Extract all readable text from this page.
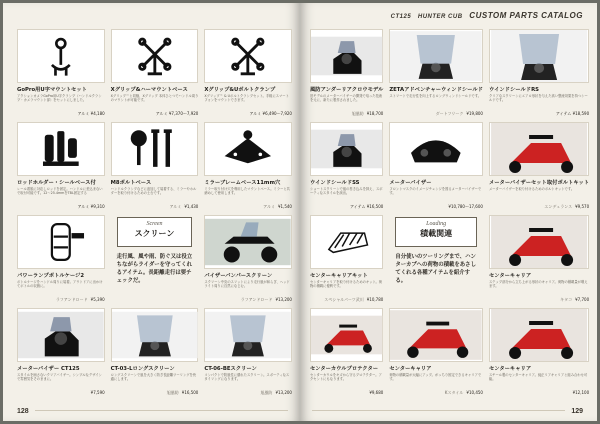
GoPro用U字マウントセット
アクションカメラGoPro用U字クランプ（ハンドルクランプ・カメラマウント部）をセットにしました。
アルミ ¥4,180
Xグリップ&ハーマウントベース
Xグリップ™と同様、Xグリップ 本体ひとつでハンドル周りのマウントが可能です。
アルミ ¥7,370〜7,920
Xグリップ&Uボルトクランプ
Xグリップ™ & Uボルトクランプセット。手軽にスマートフォンをマウントできます。
アルミ ¥6,490〜7,920
ロッドホルダー・シールベース付
レール着脱に対応しロッドを固定。ハンドルに差込まないで取付可能です。12〜25.4mmをTBL固定する
アルミ ¥9,310
M8ボルトベース
ハンドルクランプなどに追加して装着する、ミラーやホルダーを取り付けるための土台です。
アルミ ¥1,430
ミラーブレームベース11mm穴
ミラー取り付け穴を利用したマウントベース。ミラーと共締めして使用します。
アルミ ¥1,540
パワーランプボトルケージ2
ボトルケージをハンドル周りに装着。アウトドアに出かけてボトルの収納に。
ラフアンドロード ¥5,390
Screen
スクリーン
走行風、風や雨、防ぐ又は役立ちながらライダーを守ってくれるアイテム。長距離走行は要チェックだ。
バイザーバンパースクリーン
スクリーン中央のスリットにより走行風が和らぎ、ヘッドライト周りに自然になじむ。
ラフアンドロード ¥13,200
メーターバイザー CT125
スタイルを崩さないクリアバイザー。シンプルなデザインで雰囲気をそのままに。
¥7,590
CT-03-Lロングスクリーン
ロングスクリーンで風を大きく防ぎ長距離ツーリングを快適にします。
旭風防 ¥16,500
CT-06-BEスクリーン
コンパクトで防風性に優れたスクリーン。スポーティなスタイリングになります。
旭風防 ¥13,200
128
CT125 HUNTER CUB CUSTOM PARTS CATALOG
風防アンダーリアクロウモデル
旧モデルのメーターバイザーの開発で培った技術を元に、新たに製作されました。
旭風防 ¥18,700
ZETAアドベンチャーウィンドシールド
ストリートで走行性を向上するロングウィンドシールドです。
ダートフリーク ¥19,800
ウインドシールドRS
クリアなスクリーンにエアロ形状を与えた高い整流効果を持つシールドです。
アイテム ¥18,590
ウインドシールドSS
ショートスクリーンで風の巻き込みを抑え、スポーティなスタイルを演出。
アイテム ¥16,500
メーターバイザー
フロントマスクのイメージチェンジを図るメーターバイザーです。
¥10,780〜17,600
メーターバイザーセット取付ボルトキット
メーターバイザーを取り付けるためのボルトキットです。
エンデュランス ¥9,570
センターキャリアキット
センターキャリアを取り付けるためのキット。荷物の積載に便利です。
スペシャルパーツ武川 ¥10,780
Loading
積載関連
自分使いのツーリングまで、ハンターカブへの荷物の積載をあさしてくれる各種アイテムを紹介する。
センターキャリア
ステップ部分から立ち上がる形状のキャリア。荷物の積載量が増えます。
キタコ ¥7,700
センターカウルプロテクター
センターカウルをキズから守るプロテクター。アクセントにもなります。
¥9,680
センターキャリア
荷物の積載量が大幅にアップ。がっちり固定できるキャリアです。
Kスタイル ¥10,450
センターキャリア
スチール製のセンターキャリア。純正リアキャリアと組み合わせ可能。
¥12,100
129
